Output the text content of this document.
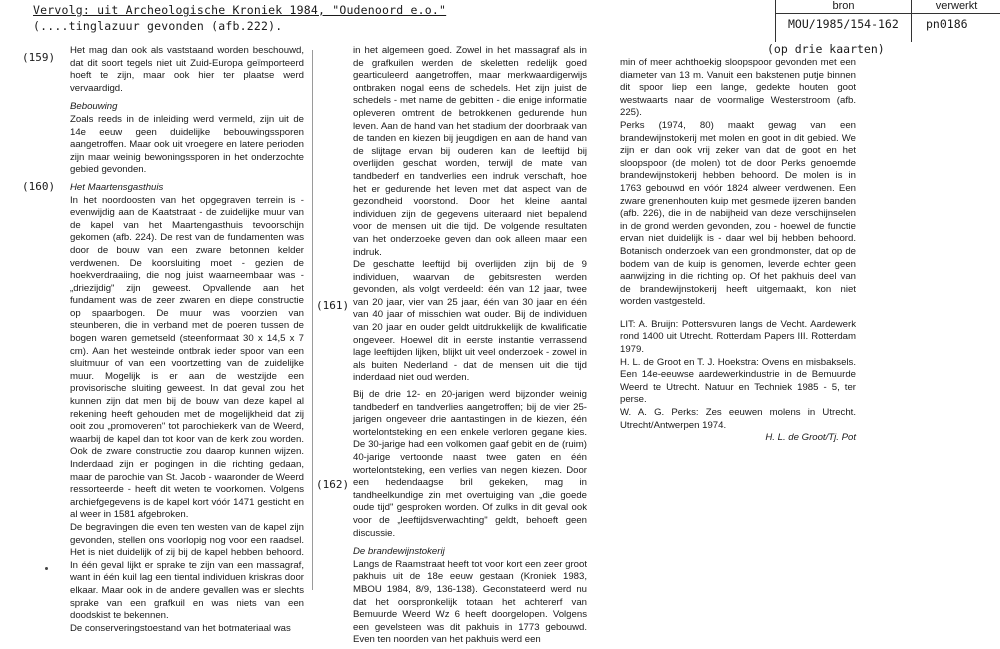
Vervolg: uit Archeologische Kroniek 1984, "Oudenoord e.o."
(....tinglazuur gevonden (afb.222).
bron	verwerkt
MOU/1985/154-162 pn0186
(op drie kaarten)
(159)
(160)
(161)
(162)

Het mag dan ook als vaststaand worden beschouwd, dat dit soort tegels niet uit Zuid-Europa geïmporteerd hoeft te zijn, maar ook hier ter plaatse werd vervaardigd.

Bebouwing

Zoals reeds in de inleiding werd vermeld, zijn uit de 14e eeuw geen duidelijke bebouwingssporen aangetroffen. Maar ook uit vroegere en latere perioden zijn maar weinig bewoningssporen in het onderzochte gebied gevonden.

Het Maartensgasthuis

In het noordoosten van het opgegraven terrein is - evenwijdig aan de Kaatstraat - de zuidelijke muur van de kapel van het Maartengasthuis tevoorschijn gekomen (afb. 224). De rest van de fundamenten was door de bouw van een zware betonnen kelder verdwenen. De koorsluiting moet - gezien de hoekverdraaiing, die nog juist waarneembaar was - „driezijdig" zijn geweest. Opvallende aan het fundament was de zeer zwaren en diepe constructie op spaarbogen. De muur was voorzien van steunberen, die in verband met de poeren tussen de bogen waren gemetseld (steenformaat 30 x 14,5 x 7 cm). Aan het westeinde ontbrak ieder spoor van een sluitmuur of van een voortzetting van de zuidelijke muur. Mogelijk is er aan de westzijde een provisorische sluiting geweest. In dat geval zou het kunnen zijn dat men bij de bouw van deze kapel al rekening heeft gehouden met de mogelijkheid dat zij ooit zou „promoveren" tot parochiekerk van de Weerd, waarbij de kapel dan tot koor van de kerk zou worden. Ook de zware constructie zou daarop kunnen wijzen. Inderdaad zijn er pogingen in die richting gedaan, maar de parochie van St. Jacob - waaronder de Weerd ressorteerde - heeft dit weten te voorkomen. Volgens archiefgegevens is de kapel kort vóór 1471 gesticht en al weer in 1581 afgebroken.

De begravingen die even ten westen van de kapel zijn gevonden, stellen ons voorlopig nog voor een raadsel. Het is niet duidelijk of zij bij de kapel hebben behoord. In één geval lijkt er sprake te zijn van een massagraf, want in één kuil lag een tiental individuen kriskras door elkaar. Maar ook in de andere gevallen was er slechts sprake van een grafkuil en was niets van een doodskist te bekennen.

De conserveringstoestand van het botmateriaal was

in het algemeen goed. Zowel in het massagraf als in de grafkuilen werden de skeletten redelijk goed gearticuleerd aangetroffen, maar merkwaardigerwijs ontbraken nogal eens de schedels. Het zijn juist de schedels - met name de gebitten - die enige informatie opleveren omtrent de betrokkenen gedurende hun leven. Aan de hand van het stadium der doorbraak van de tanden en kiezen bij jeugdigen en aan de hand van de slijtage ervan bij ouderen kan de leeftijd bij overlijden geschat worden, terwijl de mate van tandbederf en tandverlies een indruk verschaft, hoe het er gedurende het leven met dat aspect van de gezondheid voorstond. Door het kleine aantal individuen zijn de gegevens uiteraard niet bepalend voor de mensen uit die tijd. De volgende resultaten van het onderzoeke geven dan ook alleen maar een indruk.

De geschatte leeftijd bij overlijden zijn bij de 9 individuen, waarvan de gebitsresten werden gevonden, als volgt verdeeld: één van 12 jaar, twee van 20 jaar, vier van 25 jaar, één van 30 jaar en één van 40 jaar of misschien wat ouder. Bij de individuen van 20 jaar en ouder geldt uitdrukkelijk de kwalificatie ongeveer. Hoewel dit in eerste instantie verrassend lage leeftijden lijken, blijkt uit veel onderzoek - zowel in als buiten Nederland - dat de mensen uit die tijd inderdaad niet oud werden.

Bij de drie 12- en 20-jarigen werd bijzonder weinig tandbederf en tandverlies aangetroffen; bij de vier 25-jarigen ongeveer drie aantastingen in de kiezen, één wortelontsteking en een enkele verloren gegane kies. De 30-jarige had een volkomen gaaf gebit en de (ruim) 40-jarige vertoonde naast twee gaten en één wortelontsteking, een verlies van negen kiezen. Door een hedendaagse bril gekeken, mag in tandheelkundige zin met overtuiging van „die goede oude tijd" gesproken worden. Of zulks in dit geval ook voor de „leeftijdsverwachting" geldt, behoeft geen discussie.

De brandewijnstokerij

Langs de Raamstraat heeft tot voor kort een zeer groot pakhuis uit de 18e eeuw gestaan (Kroniek 1983, MBOU 1984, 8/9, 136-138). Geconstateerd werd nu dat het oorspronkelijk totaan het achtererf van Bemuurde Weerd Wz 6 heeft doorgelopen. Volgens een gevelsteen was dit pakhuis in 1773 gebouwd. Even ten noorden van het pakhuis werd een

min of meer achthoekig sloopspoor gevonden met een diameter van 13 m. Vanuit een bakstenen putje binnen dit spoor liep een lange, gedekte houten goot westwaarts naar de voormalige Westerstroom (afb. 225).

Perks (1974, 80) maakt gewag van een brandewijnstokerij met molen en goot in dit gebied. We zijn er dan ook vrij zeker van dat de goot en het sloopspoor (de molen) tot de door Perks genoemde brandewijnstokerij hebben behoord. De molen is in 1763 gebouwd en vóór 1824 alweer verdwenen. Een zware grenenhouten kuip met gesmede ijzeren banden (afb. 226), die in de nabijheid van deze verschijnselen in de grond werden gevonden, zou - hoewel de functie ervan niet duidelijk is - daar wel bij hebben behoord. Botanisch onderzoek van een grondmonster, dat op de bodem van de kuip is genomen, leverde echter geen aanwijzing in die richting op. Of het pakhuis deel van de brandewijnstokerij heeft uitgemaakt, kon niet worden vastgesteld.

LIT: A. Bruijn: Pottersvuren langs de Vecht. Aardewerk rond 1400 uit Utrecht. Rotterdam Papers III. Rotterdam 1979.

H. L. de Groot en T. J. Hoekstra: Ovens en misbaksels. Een 14e-eeuwse aardewerkindustrie in de Bemuurde Weerd te Utrecht. Natuur en Techniek 1985 - 5, ter perse.

W. A. G. Perks: Zes eeuwen molens in Utrecht. Utrecht/Antwerpen 1974.

H. L. de Groot/Tj. Pot
